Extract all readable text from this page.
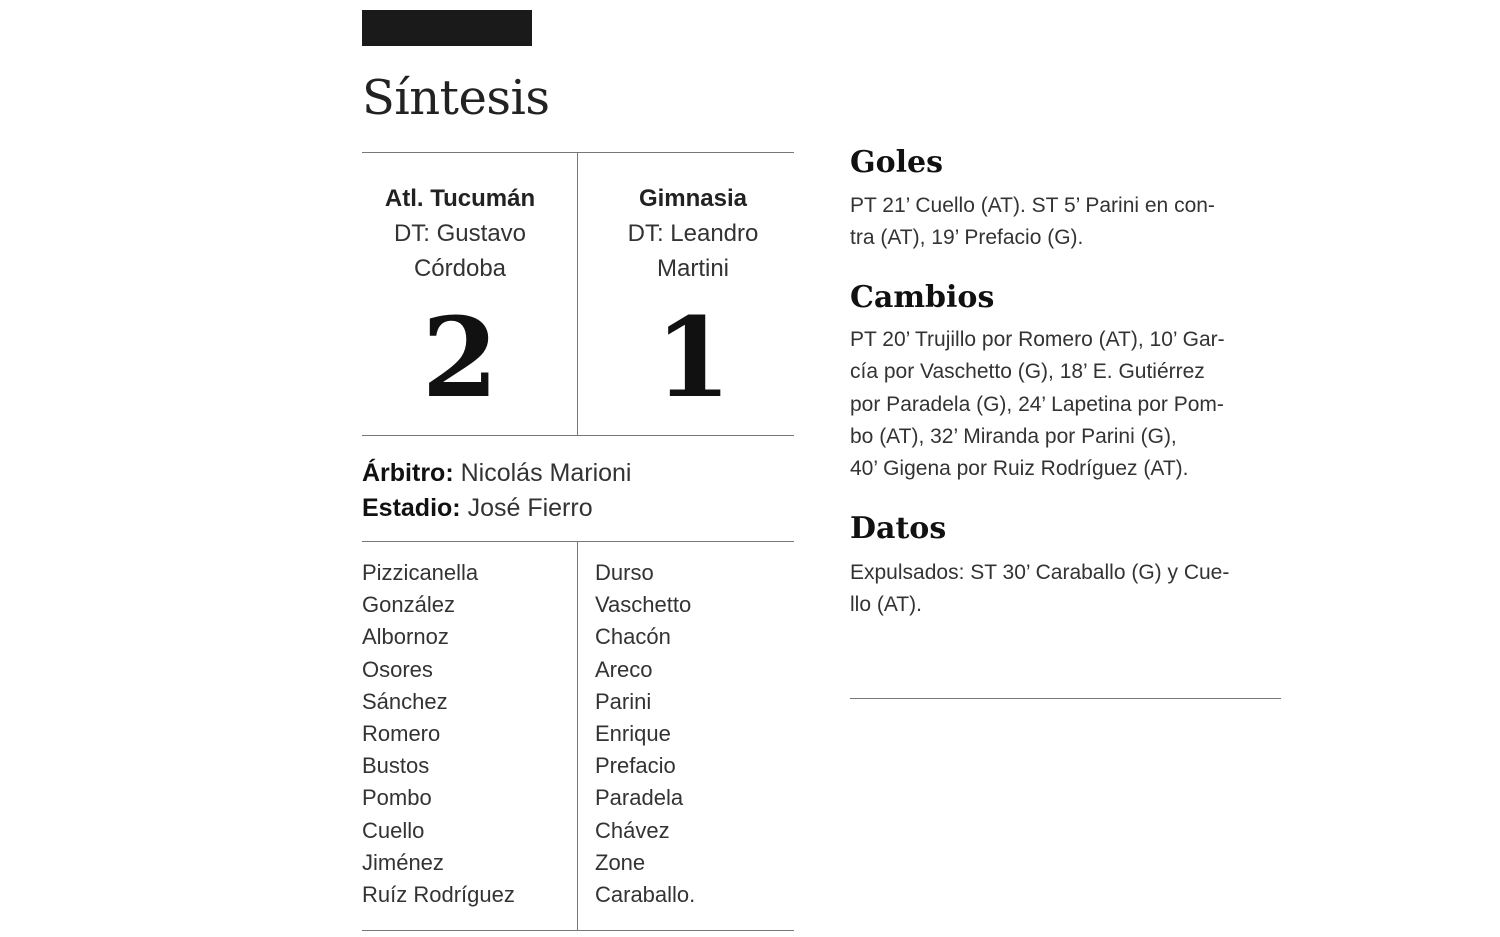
Síntesis
Atl. Tucumán
DT: Gustavo
Córdoba
2
Gimnasia
DT: Leandro
Martini
1
Árbitro: Nicolás Marioni
Estadio: José Fierro
Pizzicanella
González
Albornoz
Osores
Sánchez
Romero
Bustos
Pombo
Cuello
Jiménez
Ruíz Rodríguez
Durso
Vaschetto
Chacón
Areco
Parini
Enrique
Prefacio
Paradela
Chávez
Zone
Caraballo.
Goles
PT 21’ Cuello (AT). ST 5’ Parini en con-
tra (AT), 19’ Prefacio (G).
Cambios
PT 20’ Trujillo por Romero (AT), 10’ Gar-
cía por Vaschetto (G), 18’ E. Gutiérrez
por Paradela (G), 24’ Lapetina por Pom-
bo (AT), 32’ Miranda por Parini (G),
40’ Gigena por Ruiz Rodríguez (AT).
Datos
Expulsados: ST 30’ Caraballo (G) y Cue-
llo (AT).
